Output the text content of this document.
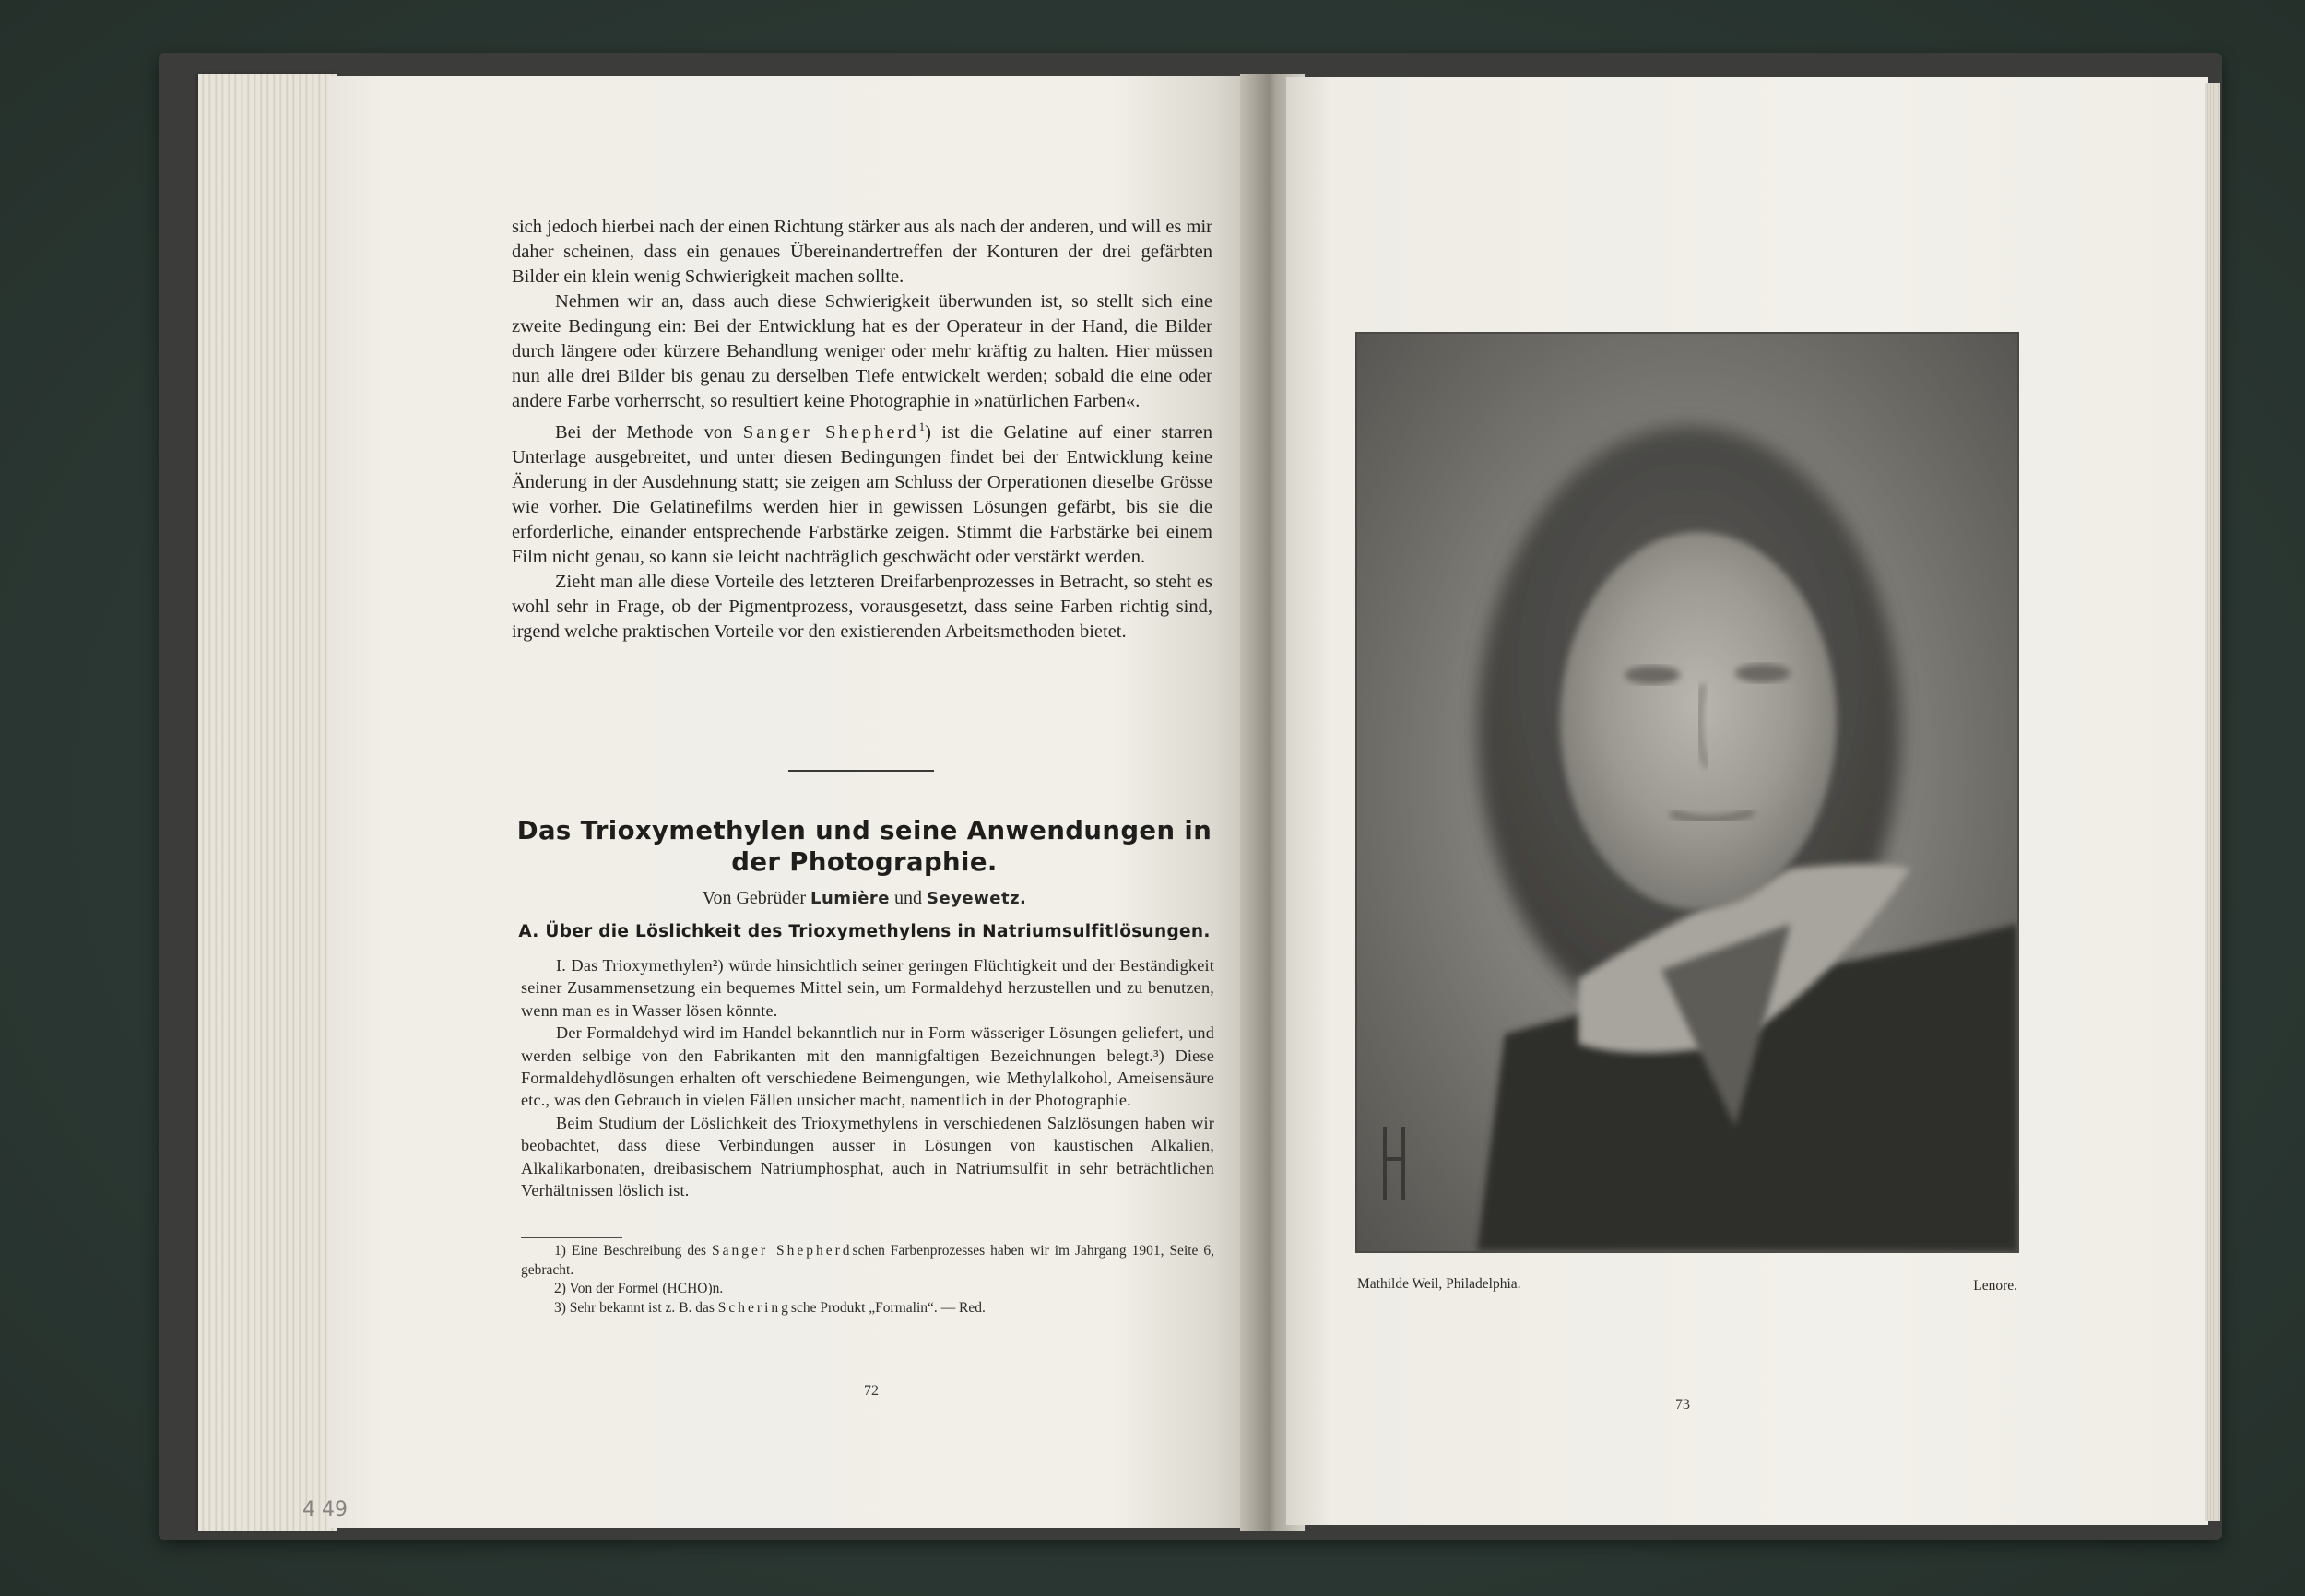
4 49

sich jedoch hierbei nach der einen Richtung stärker aus als nach der anderen, und will es mir daher scheinen, dass ein genaues Übereinandertreffen der Konturen der drei gefärbten Bilder ein klein wenig Schwierigkeit machen sollte.

Nehmen wir an, dass auch diese Schwierigkeit überwunden ist, so stellt sich eine zweite Bedingung ein: Bei der Entwicklung hat es der Operateur in der Hand, die Bilder durch längere oder kürzere Behandlung weniger oder mehr kräftig zu halten. Hier müssen nun alle drei Bilder bis genau zu derselben Tiefe entwickelt werden; sobald die eine oder andere Farbe vorherrscht, so resultiert keine Photographie in »natürlichen Farben«.

Bei der Methode von Sanger Shepherd$^1$) ist die Gelatine auf einer starren Unterlage ausgebreitet, und unter diesen Bedingungen findet bei der Entwicklung keine Änderung in der Ausdehnung statt; sie zeigen am Schluss der Orperationen dieselbe Grösse wie vorher. Die Gelatinefilms werden hier in gewissen Lösungen gefärbt, bis sie die erforderliche, einander entsprechende Farbstärke zeigen. Stimmt die Farbstärke bei einem Film nicht genau, so kann sie leicht nachträglich geschwächt oder verstärkt werden.

Zieht man alle diese Vorteile des letzteren Dreifarbenprozesses in Betracht, so steht es wohl sehr in Frage, ob der Pigmentprozess, vorausgesetzt, dass seine Farben richtig sind, irgend welche praktischen Vorteile vor den existierenden Arbeitsmethoden bietet.

Das Trioxymethylen und seine Anwendungen in der Photographie.
Von Gebrüder Lumière und Seyewetz.
A. Über die Löslichkeit des Trioxymethylens in Natriumsulfitlösungen.

I. Das Trioxymethylen²) würde hinsichtlich seiner geringen Flüchtigkeit und der Beständigkeit seiner Zusammensetzung ein bequemes Mittel sein, um Formaldehyd herzustellen und zu benutzen, wenn man es in Wasser lösen könnte.

Der Formaldehyd wird im Handel bekanntlich nur in Form wässeriger Lösungen geliefert, und werden selbige von den Fabrikanten mit den mannigfaltigen Bezeichnungen belegt.³) Diese Formaldehydlösungen erhalten oft verschiedene Beimengungen, wie Methylalkohol, Ameisensäure etc., was den Gebrauch in vielen Fällen unsicher macht, namentlich in der Photographie.

Beim Studium der Löslichkeit des Trioxymethylens in verschiedenen Salzlösungen haben wir beobachtet, dass diese Verbindungen ausser in Lösungen von kaustischen Alkalien, Alkalikarbonaten, dreibasischem Natriumphosphat, auch in Natriumsulfit in sehr beträchtlichen Verhältnissen löslich ist.

1) Eine Beschreibung des Sanger Shepherdschen Farbenprozesses haben wir im Jahrgang 1901, Seite 6, gebracht.

2) Von der Formel (HCHO)n.

3) Sehr bekannt ist z. B. das Scheringsche Produkt „Formalin“. — Red.

72
Mathilde Weil, Philadelphia.	Lenore.
73
